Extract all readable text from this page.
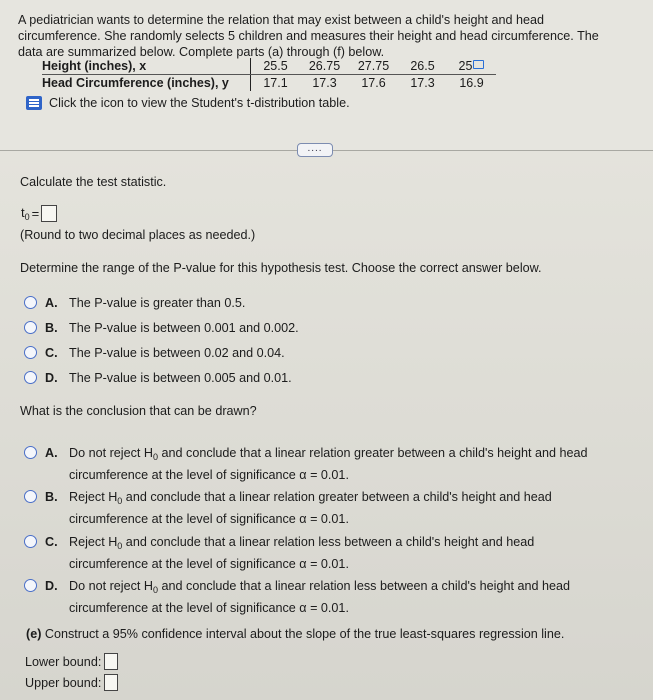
A pediatrician wants to determine the relation that may exist between a child's height and head
circumference. She randomly selects 5 children and measures their height and head circumference. The
data are summarized below. Complete parts (a) through (f) below.
Height (inches), x	25.5	26.75	27.75	26.5	25
Head Circumference (inches), y	17.1	17.3	17.6	17.3	16.9
Click the icon to view the Student's t-distribution table.
....
Calculate the test statistic.
$t_0$ =
(Round to two decimal places as needed.)
Determine the range of the P-value for this hypothesis test. Choose the correct answer below.
A. The P-value is greater than 0.5.
B. The P-value is between 0.001 and 0.002.
C. The P-value is between 0.02 and 0.04.
D. The P-value is between 0.005 and 0.01.
What is the conclusion that can be drawn?
A. Do not reject $H_0$ and conclude that a linear relation greater between a child's height and head
circumference at the level of significance α = 0.01.
B. Reject $H_0$ and conclude that a linear relation greater between a child's height and head
circumference at the level of significance α = 0.01.
C. Reject $H_0$ and conclude that a linear relation less between a child's height and head
circumference at the level of significance α = 0.01.
D. Do not reject $H_0$ and conclude that a linear relation less between a child's height and head
circumference at the level of significance α = 0.01.
(e) Construct a 95% confidence interval about the slope of the true least-squares regression line.
Lower bound:
Upper bound:
